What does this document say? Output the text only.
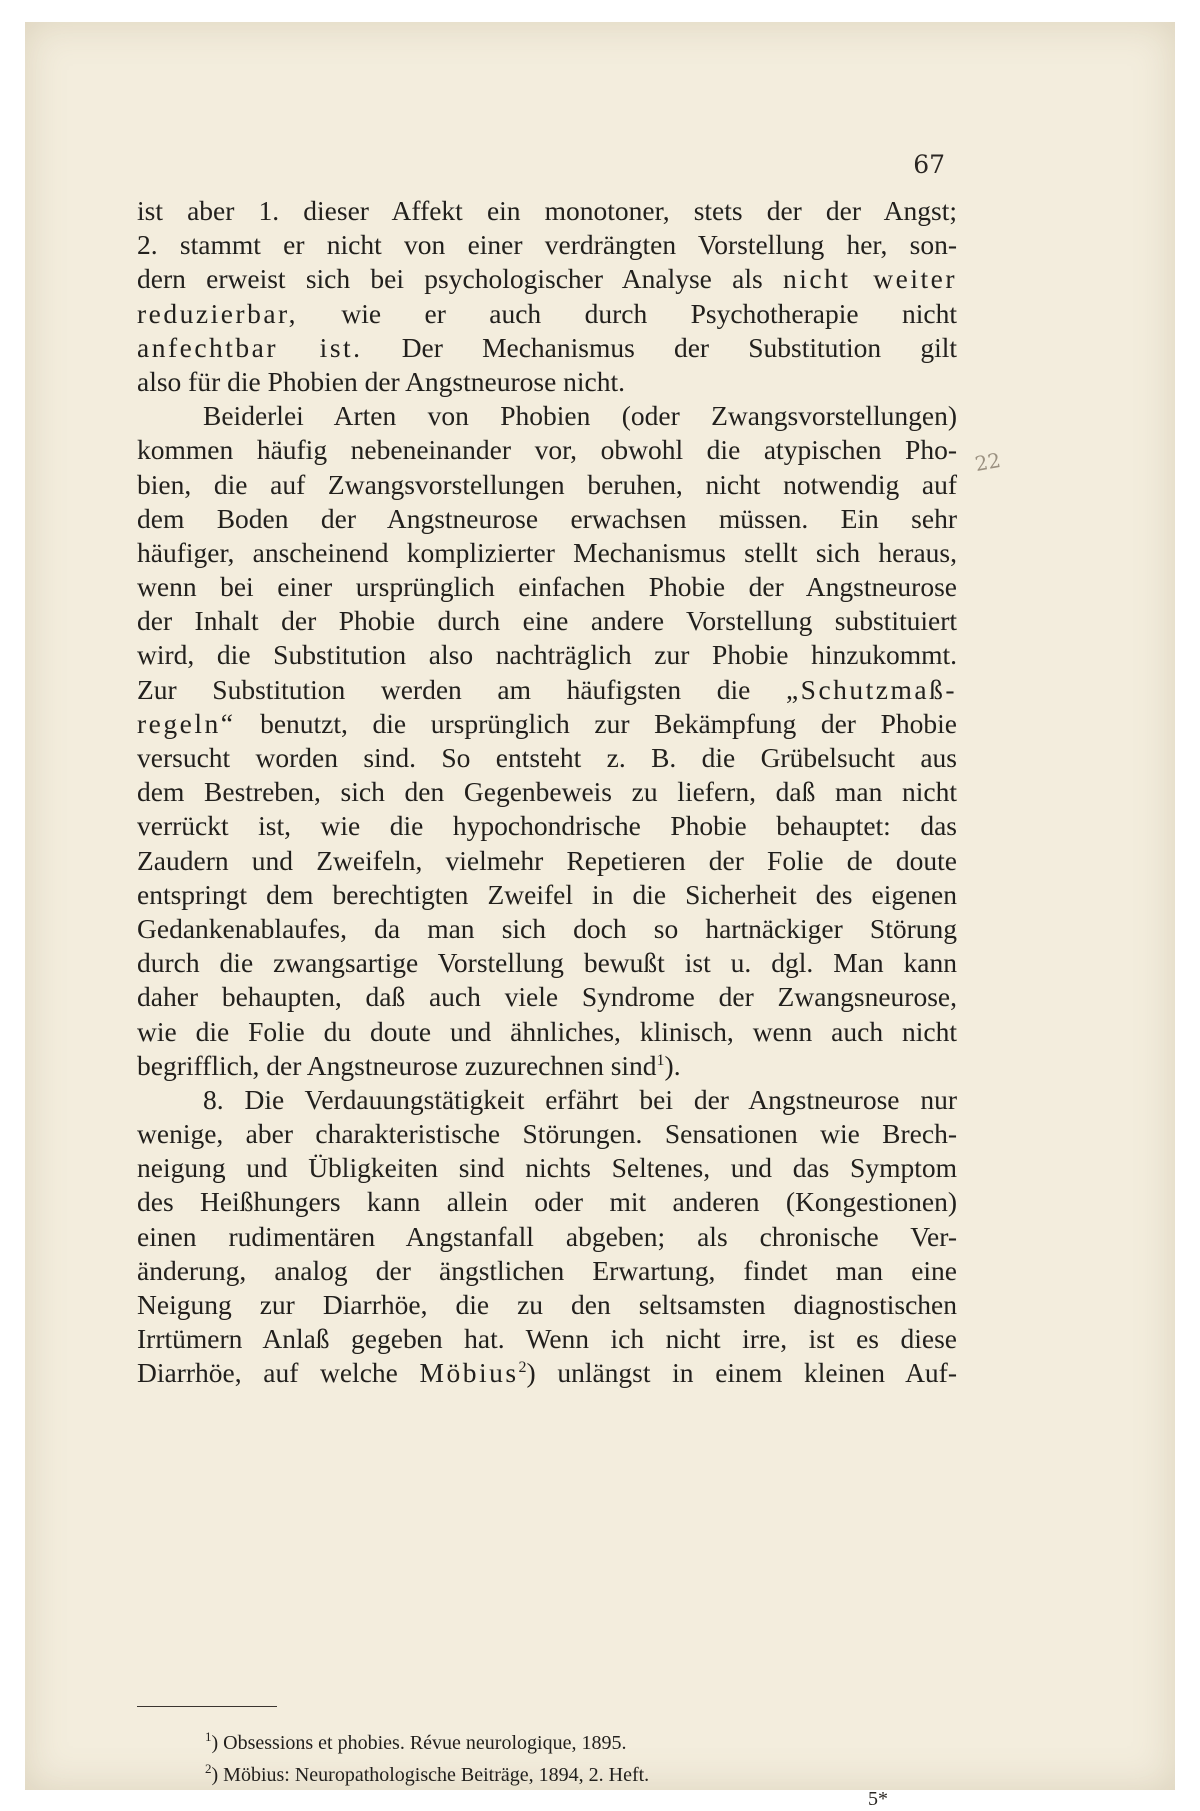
67
22
ist aber 1. dieser Affekt ein monotoner, stets der der Angst;
2. stammt er nicht von einer verdrängten Vorstellung her, son-
dern erweist sich bei psychologischer Analyse als nicht weiter
reduzierbar, wie er auch durch Psychotherapie nicht
anfechtbar ist. Der Mechanismus der Substitution gilt
also für die Phobien der Angstneurose nicht.
Beiderlei Arten von Phobien (oder Zwangsvorstellungen)
kommen häufig nebeneinander vor, obwohl die atypischen Pho-
bien, die auf Zwangsvorstellungen beruhen, nicht notwendig auf
dem Boden der Angstneurose erwachsen müssen. Ein sehr
häufiger, anscheinend komplizierter Mechanismus stellt sich heraus,
wenn bei einer ursprünglich einfachen Phobie der Angstneurose
der Inhalt der Phobie durch eine andere Vorstellung substituiert
wird, die Substitution also nachträglich zur Phobie hinzukommt.
Zur Substitution werden am häufigsten die „Schutzmaß-
regeln“ benutzt, die ursprünglich zur Bekämpfung der Phobie
versucht worden sind. So entsteht z. B. die Grübelsucht aus
dem Bestreben, sich den Gegenbeweis zu liefern, daß man nicht
verrückt ist, wie die hypochondrische Phobie behauptet: das
Zaudern und Zweifeln, vielmehr Repetieren der Folie de doute
entspringt dem berechtigten Zweifel in die Sicherheit des eigenen
Gedankenablaufes, da man sich doch so hartnäckiger Störung
durch die zwangsartige Vorstellung bewußt ist u. dgl. Man kann
daher behaupten, daß auch viele Syndrome der Zwangsneurose,
wie die Folie du doute und ähnliches, klinisch, wenn auch nicht
begrifflich, der Angstneurose zuzurechnen sind$^1$).
8. Die Verdauungstätigkeit erfährt bei der Angstneurose nur
wenige, aber charakteristische Störungen. Sensationen wie Brech-
neigung und Übligkeiten sind nichts Seltenes, und das Symptom
des Heißhungers kann allein oder mit anderen (Kongestionen)
einen rudimentären Angstanfall abgeben; als chronische Ver-
änderung, analog der ängstlichen Erwartung, findet man eine
Neigung zur Diarrhöe, die zu den seltsamsten diagnostischen
Irrtümern Anlaß gegeben hat. Wenn ich nicht irre, ist es diese
Diarrhöe, auf welche Möbius$^2$) unlängst in einem kleinen Auf-
$^1$) Obsessions et phobies. Révue neurologique, 1895.
$^2$) Möbius: Neuropathologische Beiträge, 1894, 2. Heft.
5*
